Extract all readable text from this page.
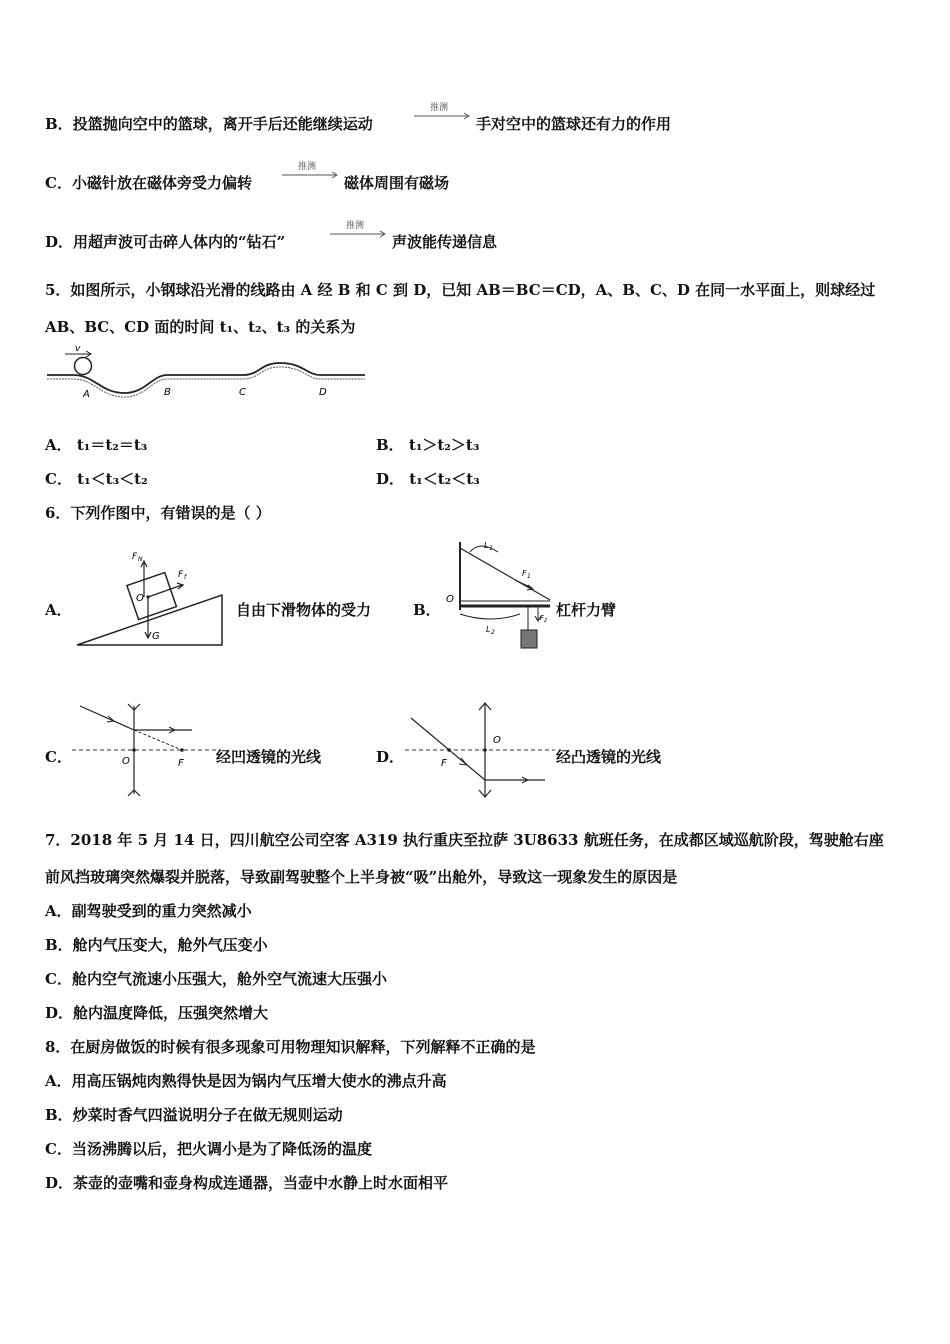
B．投篮抛向空中的篮球，离开手后还能继续运动
推测
手对空中的篮球还有力的作用
C．小磁针放在磁体旁受力偏转
推测
磁体周围有磁场
D．用超声波可击碎人体内的“钻石”
推测
声波能传递信息
5．如图所示，小钢球沿光滑的线路由 A 经 B 和 C 到 D，已知 AB＝BC＝CD，A、B、C、D 在同一水平面上，则球经过
AB、BC、CD 面的时间 t₁、t₂、t₃ 的关系为
v
A	B	C	D
A． t₁＝t₂＝t₃	B． t₁＞t₂＞t₃
C． t₁＜t₃＜t₂	D． t₁＜t₂＜t₃
6．下列作图中，有错误的是（ ）
A．
F N
F f
O
G
自由下滑物体的受力	B．
L 1
F 1
O
L 2
F 2
杠杆力臂
C．	O	F 经凹透镜的光线	D．
O
F	经凸透镜的光线
7．2018 年 5 月 14 日，四川航空公司空客 A319 执行重庆至拉萨 3U8633 航班任务，在成都区域巡航阶段，驾驶舱右座
前风挡玻璃突然爆裂并脱落，导致副驾驶整个上半身被“吸”出舱外，导致这一现象发生的原因是
A．副驾驶受到的重力突然减小
B．舱内气压变大，舱外气压变小
C．舱内空气流速小压强大，舱外空气流速大压强小
D．舱内温度降低，压强突然增大
8．在厨房做饭的时候有很多现象可用物理知识解释，下列解释不正确的是
A．用高压锅炖肉熟得快是因为锅内气压增大使水的沸点升高
B．炒菜时香气四溢说明分子在做无规则运动
C．当汤沸腾以后，把火调小是为了降低汤的温度
D．茶壶的壶嘴和壶身构成连通器，当壶中水静上时水面相平
